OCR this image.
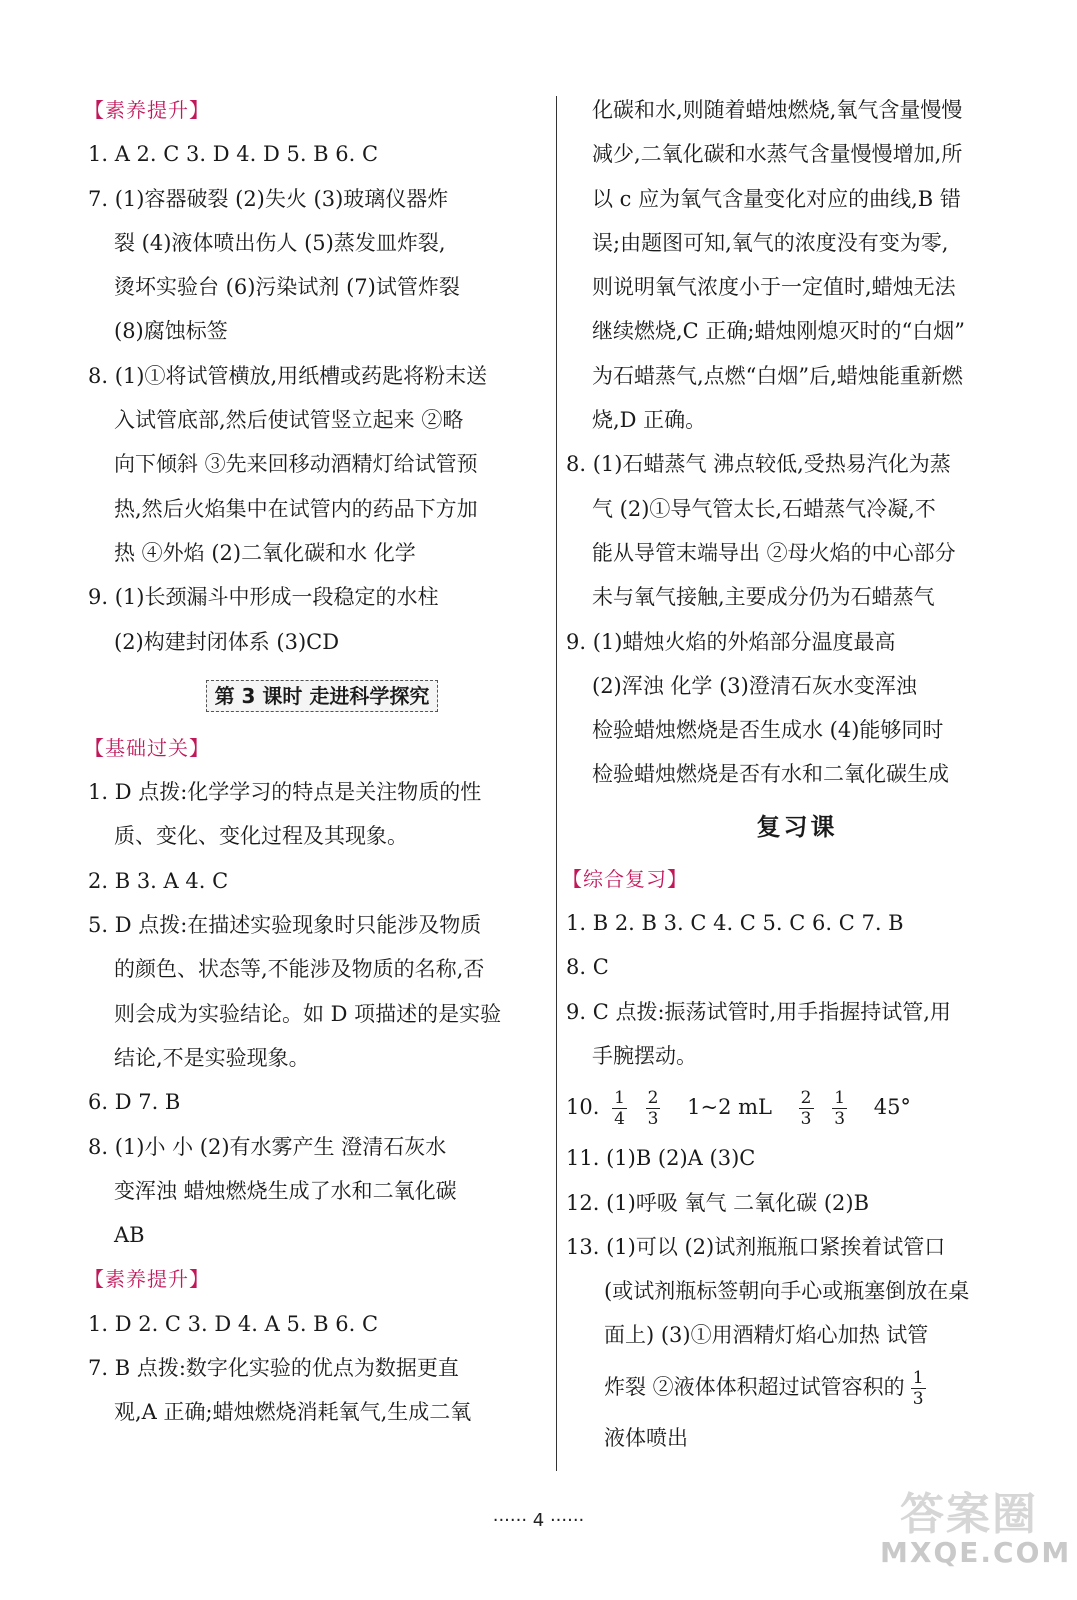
【素养提升】
1. A 2. C 3. D 4. D 5. B 6. C
7. (1)容器破裂 (2)失火 (3)玻璃仪器炸
裂 (4)液体喷出伤人 (5)蒸发皿炸裂,
烫坏实验台 (6)污染试剂 (7)试管炸裂
(8)腐蚀标签
8. (1)①将试管横放,用纸槽或药匙将粉末送
入试管底部,然后使试管竖立起来 ②略
向下倾斜 ③先来回移动酒精灯给试管预
热,然后火焰集中在试管内的药品下方加
热 ④外焰 (2)二氧化碳和水 化学
9. (1)长颈漏斗中形成一段稳定的水柱
(2)构建封闭体系 (3)CD
第 3 课时 走进科学探究
【基础过关】
1. D 点拨:化学学习的特点是关注物质的性
质、变化、变化过程及其现象。
2. B 3. A 4. C
5. D 点拨:在描述实验现象时只能涉及物质
的颜色、状态等,不能涉及物质的名称,否
则会成为实验结论。如 D 项描述的是实验
结论,不是实验现象。
6. D 7. B
8. (1)小 小 (2)有水雾产生 澄清石灰水
变浑浊 蜡烛燃烧生成了水和二氧化碳
AB
【素养提升】
1. D 2. C 3. D 4. A 5. B 6. C
7. B 点拨:数字化实验的优点为数据更直
观,A 正确;蜡烛燃烧消耗氧气,生成二氧
化碳和水,则随着蜡烛燃烧,氧气含量慢慢
减少,二氧化碳和水蒸气含量慢慢增加,所
以 c 应为氧气含量变化对应的曲线,B 错
误;由题图可知,氧气的浓度没有变为零,
则说明氧气浓度小于一定值时,蜡烛无法
继续燃烧,C 正确;蜡烛刚熄灭时的“白烟”
为石蜡蒸气,点燃“白烟”后,蜡烛能重新燃
烧,D 正确。
8. (1)石蜡蒸气 沸点较低,受热易汽化为蒸
气 (2)①导气管太长,石蜡蒸气冷凝,不
能从导管末端导出 ②母火焰的中心部分
未与氧气接触,主要成分仍为石蜡蒸气
9. (1)蜡烛火焰的外焰部分温度最高
(2)浑浊 化学 (3)澄清石灰水变浑浊
检验蜡烛燃烧是否生成水 (4)能够同时
检验蜡烛燃烧是否有水和二氧化碳生成
复习课
【综合复习】
1. B 2. B 3. C 4. C 5. C 6. C 7. B
8. C
9. C 点拨:振荡试管时,用手指握持试管,用
手腕摆动。
10. $\frac{1}{4}$
$\frac{2}{3}$ 1~2 mL $\frac{2}{3}$
$\frac{1}{3} 45^\circ$
11. (1)B (2)A (3)C
12. (1)呼吸 氧气 二氧化碳 (2)B
13. (1)可以 (2)试剂瓶瓶口紧挨着试管口
(或试剂瓶标签朝向手心或瓶塞倒放在桌
面上) (3)①用酒精灯焰心加热 试管
炸裂 ②液体体积超过试管容积的 $\frac{1}{3}$
液体喷出
······ 4 ······	答案圈
MXQE.COM
